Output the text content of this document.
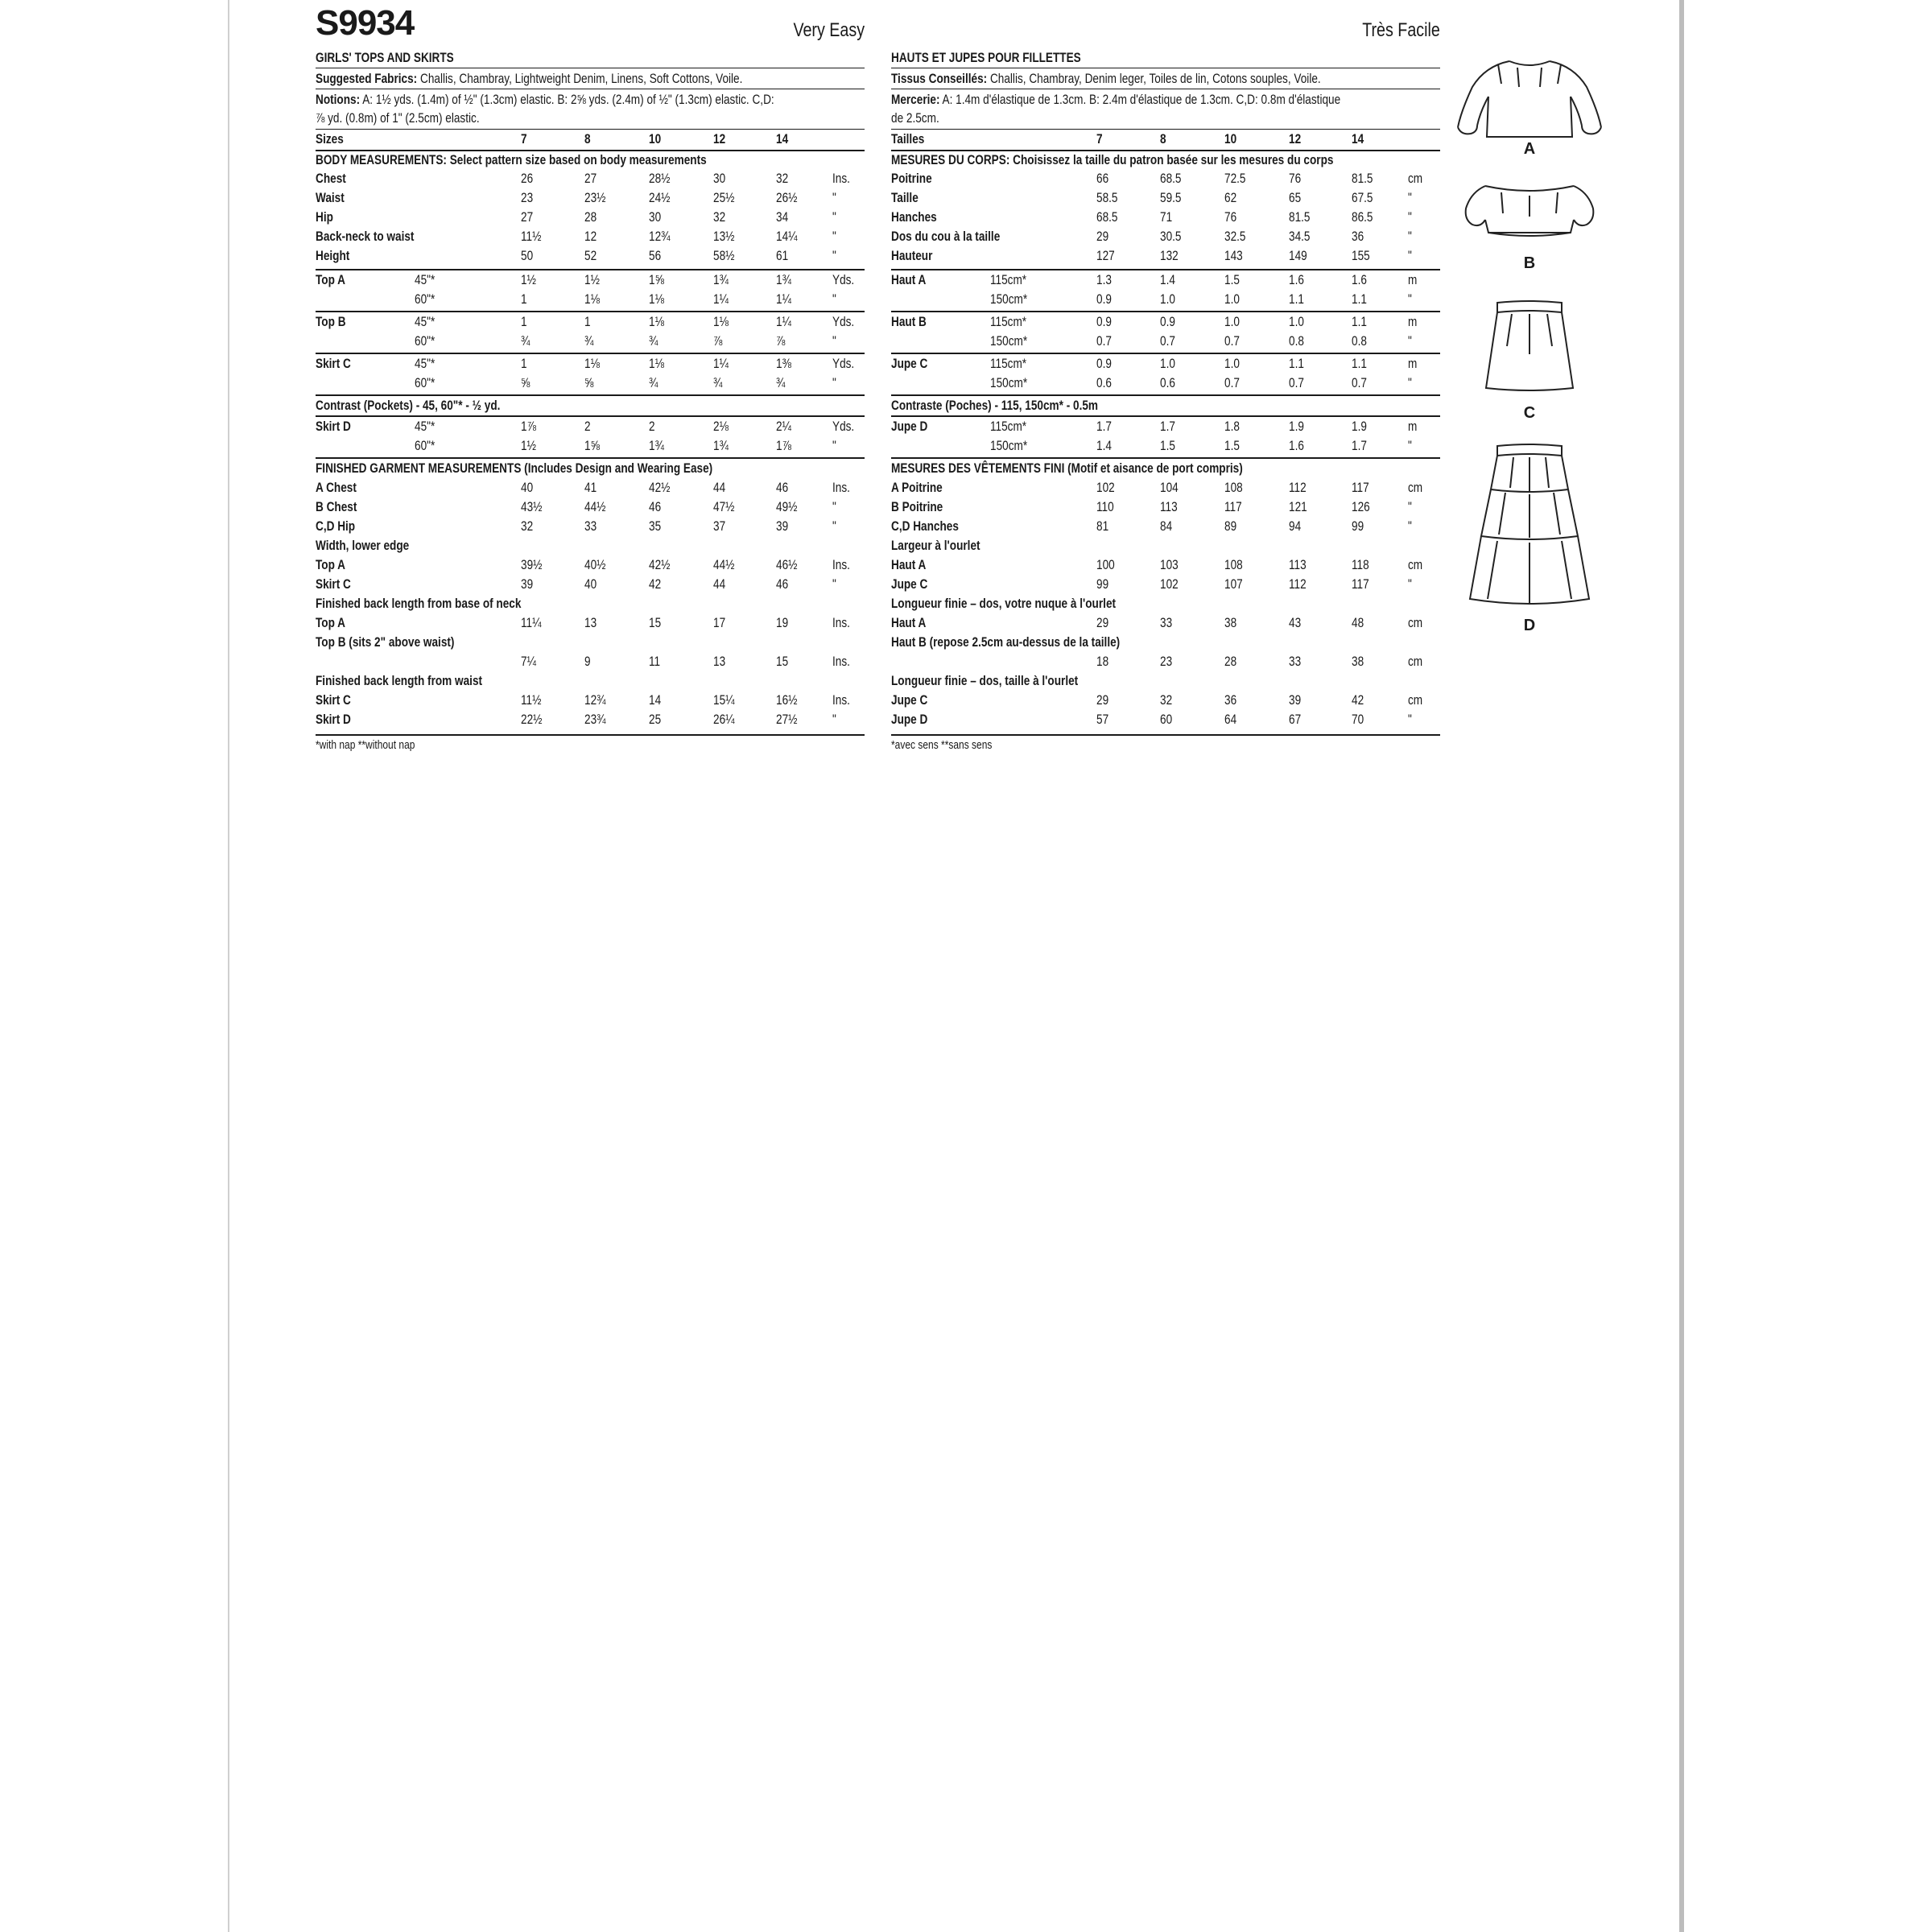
S9934	Very Easy
GIRLS' TOPS AND SKIRTS
Suggested Fabrics: Challis, Chambray, Lightweight Denim, Linens, Soft Cottons, Voile.
Notions: A: 1½ yds. (1.4m) of ½" (1.3cm) elastic. B: 2⅝ yds. (2.4m) of ½" (1.3cm) elastic. C,D:
⅞ yd. (0.8m) of 1" (2.5cm) elastic.
Sizes	7	8	10	12	14
BODY MEASUREMENTS: Select pattern size based on body measurements
Chest	26	27	28½	30	32	Ins.
Waist	23	23½	24½	25½	26½	"
Hip	27	28	30	32	34	"
Back-neck to waist	11½	12	12¾	13½	14¼	"
Height	50	52	56	58½	61	"
Top A	45"*	1½	1½	1⅝	1¾	1¾	Yds.
60"*	1	1⅛	1⅛	1¼	1¼	"
Top B	45"*	1	1	1⅛	1⅛	1¼	Yds.
60"*	¾	¾	¾	⅞	⅞	"
Skirt C	45"*	1	1⅛	1⅛	1¼	1⅜	Yds.
60"*	⅝	⅝	¾	¾	¾	"
Contrast (Pockets) - 45, 60"* - ½ yd.
Skirt D	45"*	1⅞	2	2	2⅛	2¼	Yds.
60"*	1½	1⅝	1¾	1¾	1⅞	"
FINISHED GARMENT MEASUREMENTS (Includes Design and Wearing Ease)
A Chest	40	41	42½	44	46	Ins.
B Chest	43½	44½	46	47½	49½	"
C,D Hip	32	33	35	37	39	"
Width, lower edge
Top A	39½	40½	42½	44½	46½	Ins.
Skirt C	39	40	42	44	46	"
Finished back length from base of neck
Top A	11¼	13	15	17	19	Ins.
Top B (sits 2" above waist)
7¼	9	11	13	15	Ins.
Finished back length from waist
Skirt C	11½	12¾	14	15¼	16½	Ins.
Skirt D	22½	23¾	25	26¼	27½	"
*with nap **without nap
Très Facile
HAUTS ET JUPES POUR FILLETTES
Tissus Conseillés: Challis, Chambray, Denim leger, Toiles de lin, Cotons souples, Voile.
Mercerie: A: 1.4m d'élastique de 1.3cm. B: 2.4m d'élastique de 1.3cm. C,D: 0.8m d'élastique
de 2.5cm.
Tailles	7	8	10	12	14
MESURES DU CORPS: Choisissez la taille du patron basée sur les mesures du corps
Poitrine	66	68.5	72.5	76	81.5	cm
Taille	58.5	59.5	62	65	67.5	"
Hanches	68.5	71	76	81.5	86.5	"
Dos du cou à la taille	29	30.5	32.5	34.5	36	"
Hauteur	127	132	143	149	155	"
Haut A	115cm*	1.3	1.4	1.5	1.6	1.6	m
150cm*	0.9	1.0	1.0	1.1	1.1	"
Haut B	115cm*	0.9	0.9	1.0	1.0	1.1	m
150cm*	0.7	0.7	0.7	0.8	0.8	"
Jupe C	115cm*	0.9	1.0	1.0	1.1	1.1	m
150cm*	0.6	0.6	0.7	0.7	0.7	"
Contraste (Poches) - 115, 150cm* - 0.5m
Jupe D	115cm*	1.7	1.7	1.8	1.9	1.9	m
150cm*	1.4	1.5	1.5	1.6	1.7	"
MESURES DES VÊTEMENTS FINI (Motif et aisance de port compris)
A Poitrine	102	104	108	112	117	cm
B Poitrine	110	113	117	121	126	"
C,D Hanches	81	84	89	94	99	"
Largeur à l'ourlet
Haut A	100	103	108	113	118	cm
Jupe C	99	102	107	112	117	"
Longueur finie – dos, votre nuque à l'ourlet
Haut A	29	33	38	43	48	cm
Haut B (repose 2.5cm au-dessus de la taille)
18	23	28	33	38	cm
Longueur finie – dos, taille à l'ourlet
Jupe C	29	32	36	39	42	cm
Jupe D	57	60	64	67	70	"
*avec sens **sans sens
A
B
C
D
